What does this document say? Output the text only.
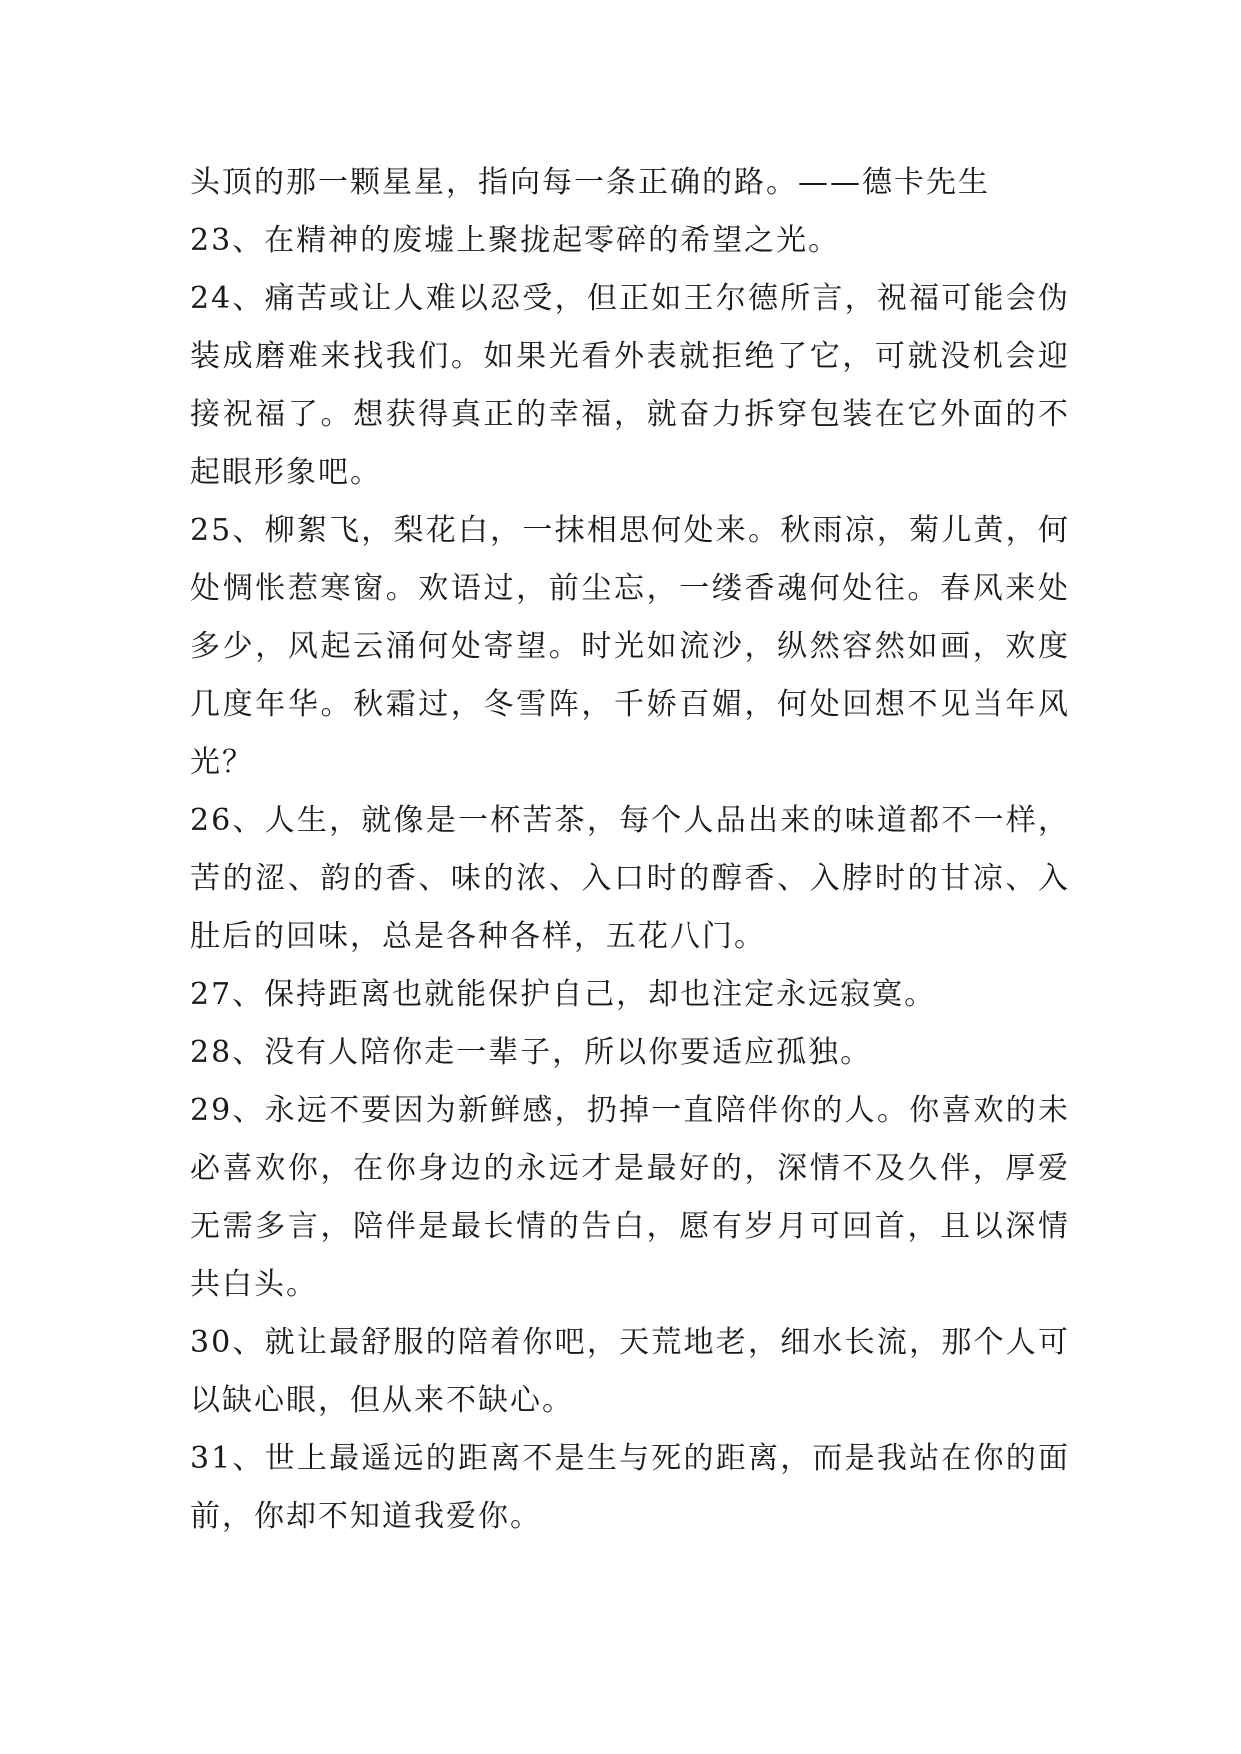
头顶的那一颗星星，指向每一条正确的路。——德卡先生

23、在精神的废墟上聚拢起零碎的希望之光。

24、痛苦或让人难以忍受，但正如王尔德所言，祝福可能会伪装成磨难来找我们。如果光看外表就拒绝了它，可就没机会迎接祝福了。想获得真正的幸福，就奋力拆穿包装在它外面的不起眼形象吧。

25、柳絮飞，梨花白，一抹相思何处来。秋雨凉，菊儿黄，何处惆怅惹寒窗。欢语过，前尘忘，一缕香魂何处往。春风来处多少，风起云涌何处寄望。时光如流沙，纵然容然如画，欢度几度年华。秋霜过，冬雪阵，千娇百媚，何处回想不见当年风光？

26、人生，就像是一杯苦茶，每个人品出来的味道都不一样，苦的涩、韵的香、味的浓、入口时的醇香、入脖时的甘凉、入肚后的回味，总是各种各样，五花八门。

27、保持距离也就能保护自己，却也注定永远寂寞。

28、没有人陪你走一辈子，所以你要适应孤独。

29、永远不要因为新鲜感，扔掉一直陪伴你的人。你喜欢的未必喜欢你，在你身边的永远才是最好的，深情不及久伴，厚爱无需多言，陪伴是最长情的告白，愿有岁月可回首，且以深情共白头。

30、就让最舒服的陪着你吧，天荒地老，细水长流，那个人可以缺心眼，但从来不缺心。

31、世上最遥远的距离不是生与死的距离，而是我站在你的面前，你却不知道我爱你。
